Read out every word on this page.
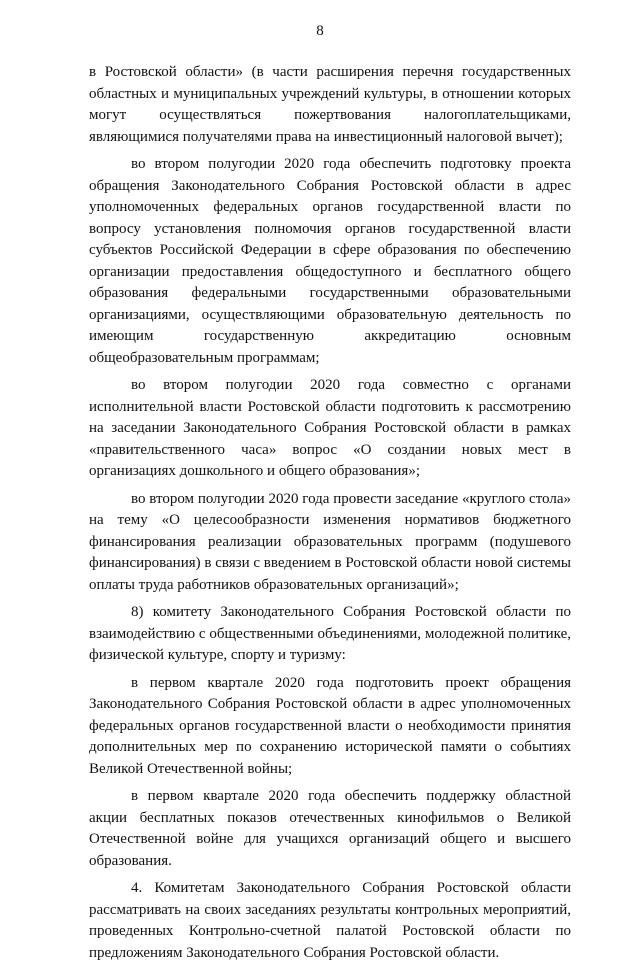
8

в Ростовской области» (в части расширения перечня государственных областных и муниципальных учреждений культуры, в отношении которых могут осуществляться пожертвования налогоплательщиками, являющимися получателями права на инвестиционный налоговой вычет);

во втором полугодии 2020 года обеспечить подготовку проекта обращения Законодательного Собрания Ростовской области в адрес уполномоченных федеральных органов государственной власти по вопросу установления полномочия органов государственной власти субъектов Российской Федерации в сфере образования по обеспечению организации предоставления общедоступного и бесплатного общего образования федеральными государственными образовательными организациями, осуществляющими образовательную деятельность по имеющим государственную аккредитацию основным общеобразовательным программам;

во втором полугодии 2020 года совместно с органами исполнительной власти Ростовской области подготовить к рассмотрению на заседании Законодательного Собрания Ростовской области в рамках «правительственного часа» вопрос «О создании новых мест в организациях дошкольного и общего образования»;

во втором полугодии 2020 года провести заседание «круглого стола» на тему «О целесообразности изменения нормативов бюджетного финансирования реализации образовательных программ (подушевого финансирования) в связи с введением в Ростовской области новой системы оплаты труда работников образовательных организаций»;

8) комитету Законодательного Собрания Ростовской области по взаимодействию с общественными объединениями, молодежной политике, физической культуре, спорту и туризму:

в первом квартале 2020 года подготовить проект обращения Законодательного Собрания Ростовской области в адрес уполномоченных федеральных органов государственной власти о необходимости принятия дополнительных мер по сохранению исторической памяти о событиях Великой Отечественной войны;

в первом квартале 2020 года обеспечить поддержку областной акции бесплатных показов отечественных кинофильмов о Великой Отечественной войне для учащихся организаций общего и высшего образования.

4. Комитетам Законодательного Собрания Ростовской области рассматривать на своих заседаниях результаты контрольных мероприятий, проведенных Контрольно-счетной палатой Ростовской области по предложениям Законодательного Собрания Ростовской области.
